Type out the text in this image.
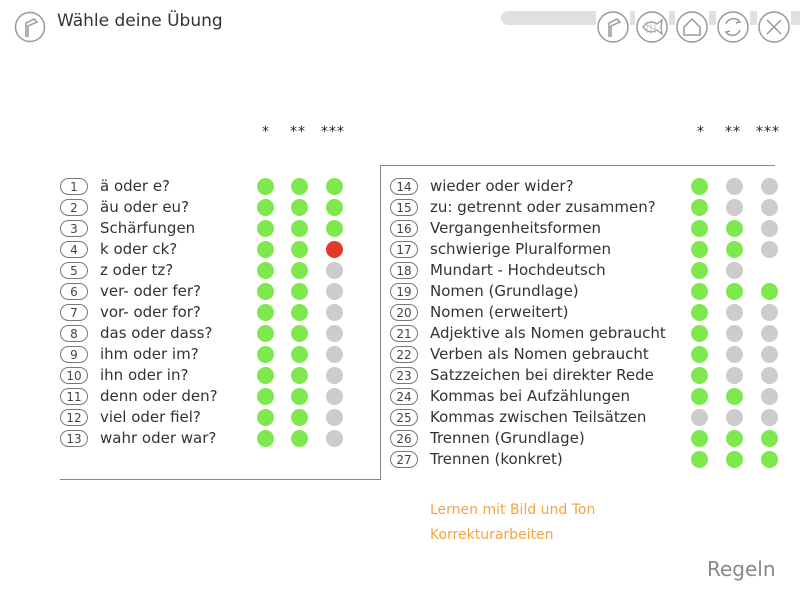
Wähle deine Übung
* ** ***	* ** ***
1	ä oder e?
2	äu oder eu?
3	Schärfungen
4	k oder ck?
5	z oder tz?
6	ver- oder fer?
7	vor- oder for?
8	das oder dass?
9	ihm oder im?
10	ihn oder in?
11	denn oder den?
12	viel oder fiel?
13	wahr oder war?
14	wieder oder wider?
15	zu: getrennt oder zusammen?
16	Vergangenheitsformen
17	schwierige Pluralformen
18	Mundart - Hochdeutsch
19	Nomen (Grundlage)
20	Nomen (erweitert)
21	Adjektive als Nomen gebraucht
22	Verben als Nomen gebraucht
23	Satzzeichen bei direkter Rede
24	Kommas bei Aufzählungen
25	Kommas zwischen Teilsätzen
26	Trennen (Grundlage)
27	Trennen (konkret)
Lernen mit Bild und Ton
Korrekturarbeiten
Regeln
